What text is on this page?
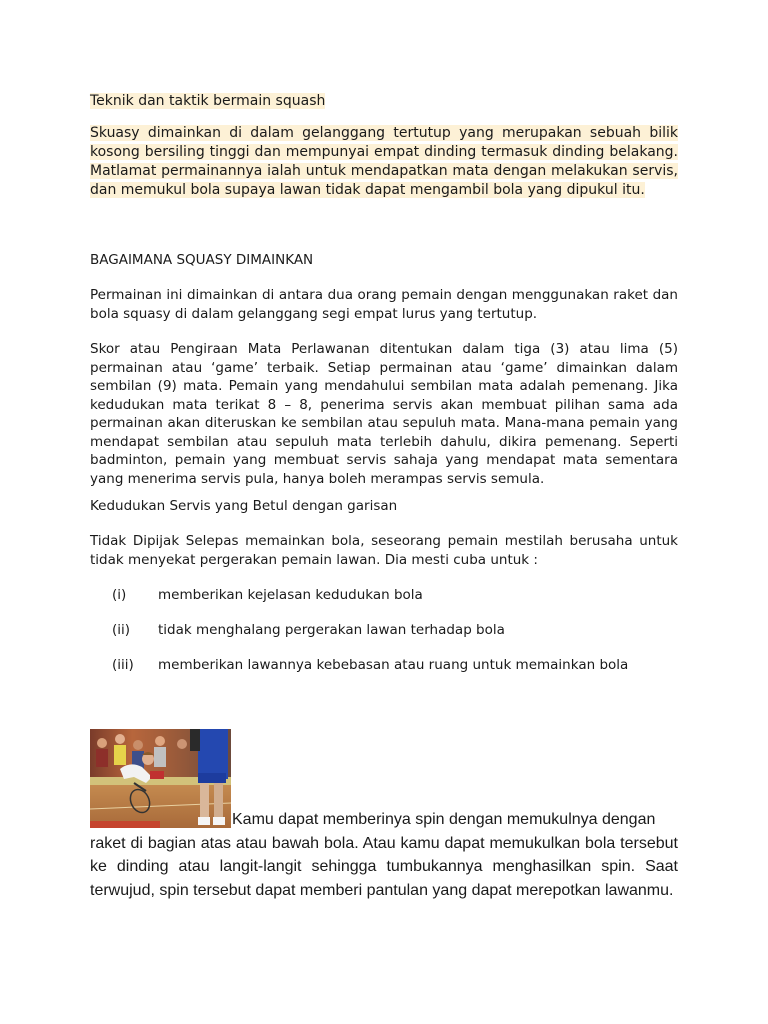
Teknik dan taktik bermain squash
Skuasy dimainkan di dalam gelanggang tertutup yang merupakan sebuah bilik kosong bersiling tinggi dan mempunyai empat dinding termasuk dinding belakang. Matlamat permainannya ialah untuk mendapatkan mata dengan melakukan servis, dan memukul bola supaya lawan tidak dapat mengambil bola yang dipukul itu.
BAGAIMANA SQUASY DIMAINKAN
Permainan ini dimainkan di antara dua orang pemain dengan menggunakan raket dan bola squasy di dalam gelanggang segi empat lurus yang tertutup.
Skor atau Pengiraan Mata Perlawanan ditentukan dalam tiga (3) atau lima (5) permainan atau ‘game’ terbaik. Setiap permainan atau ‘game’ dimainkan dalam sembilan (9) mata. Pemain yang mendahului sembilan mata adalah pemenang. Jika kedudukan mata terikat 8 – 8, penerima servis akan membuat pilihan sama ada permainan akan diteruskan ke sembilan atau sepuluh mata. Mana-mana pemain yang mendapat sembilan atau sepuluh mata terlebih dahulu, dikira pemenang. Seperti badminton, pemain yang membuat servis sahaja yang mendapat mata sementara yang menerima servis pula, hanya boleh merampas servis semula.
Kedudukan Servis yang Betul dengan garisan
Tidak Dipijak Selepas memainkan bola, seseorang pemain mestilah berusaha untuk tidak menyekat pergerakan pemain lawan. Dia mesti cuba untuk :
(i)	memberikan kejelasan kedudukan bola
(ii)	tidak menghalang pergerakan lawan terhadap bola
(iii)	memberikan lawannya kebebasan atau ruang untuk memainkan bola
Kamu dapat memberinya spin dengan memukulnya dengan
raket di bagian atas atau bawah bola. Atau kamu dapat memukulkan bola tersebut ke dinding atau langit-langit sehingga tumbukannya menghasilkan spin. Saat terwujud, spin tersebut dapat memberi pantulan yang dapat merepotkan lawanmu.
